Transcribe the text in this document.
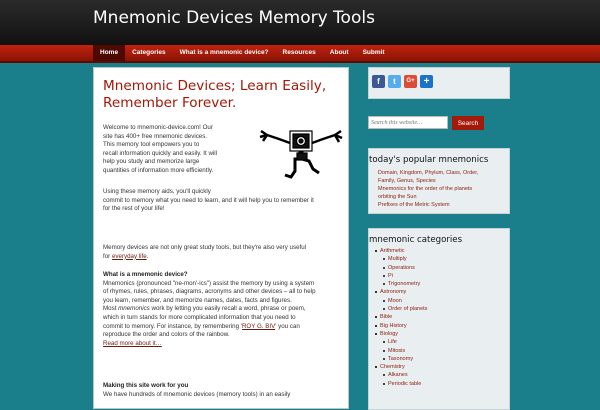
Mnemonic Devices Memory Tools
Home	Categories	What is a mnemonic device?	Resources	About	Submit
Mnemonic Devices; Learn Easily, Remember Forever.
Welcome to mnemonic-device.com! Our
site has 400+ free mnemonic devices.
This memory tool empowers you to
recall information quickly and easily. It will
help you study and memorize large
quantities of information more efficiently.
Using these memory aids, you'll quickly
commit to memory what you need to learn, and it will help you to remember it
for the rest of your life!
Memory devices are not only great study tools, but they're also very useful
for everyday life.
What is a mnemonic device?
Mnemonics (pronounced "ne-mon'-ics") assist the memory by using a system
of rhymes, rules, phrases, diagrams, acronyms and other devices – all to help
you learn, remember, and memorize names, dates, facts and figures.
Most mnemonics work by letting you easily recall a word, phrase or poem,
which in turn stands for more complicated information that you need to
commit to memory. For instance, by remembering 'ROY G. BIV' you can
reproduce the order and colors of the rainbow.
Read more about it…
Making this site work for you
We have hundreds of mnemonic devices (memory tools) in an easily
f	t	G+ +
Search this website…
Search
today's popular mnemonics
Domain, Kingdom, Phylum, Class, Order,
Family, Genus, Species
Mnemonics for the order of the planets
orbiting the Sun
Prefixes of the Metric System
mnemonic categories
Arithmetic
Multiply
Operations
Pi
Trigonometry
Astronomy
Moon
Order of planets
Bible
Big History
Biology
Life
Mitosis
Taxonomy
Chemistry
Alkanes
Periodic table
